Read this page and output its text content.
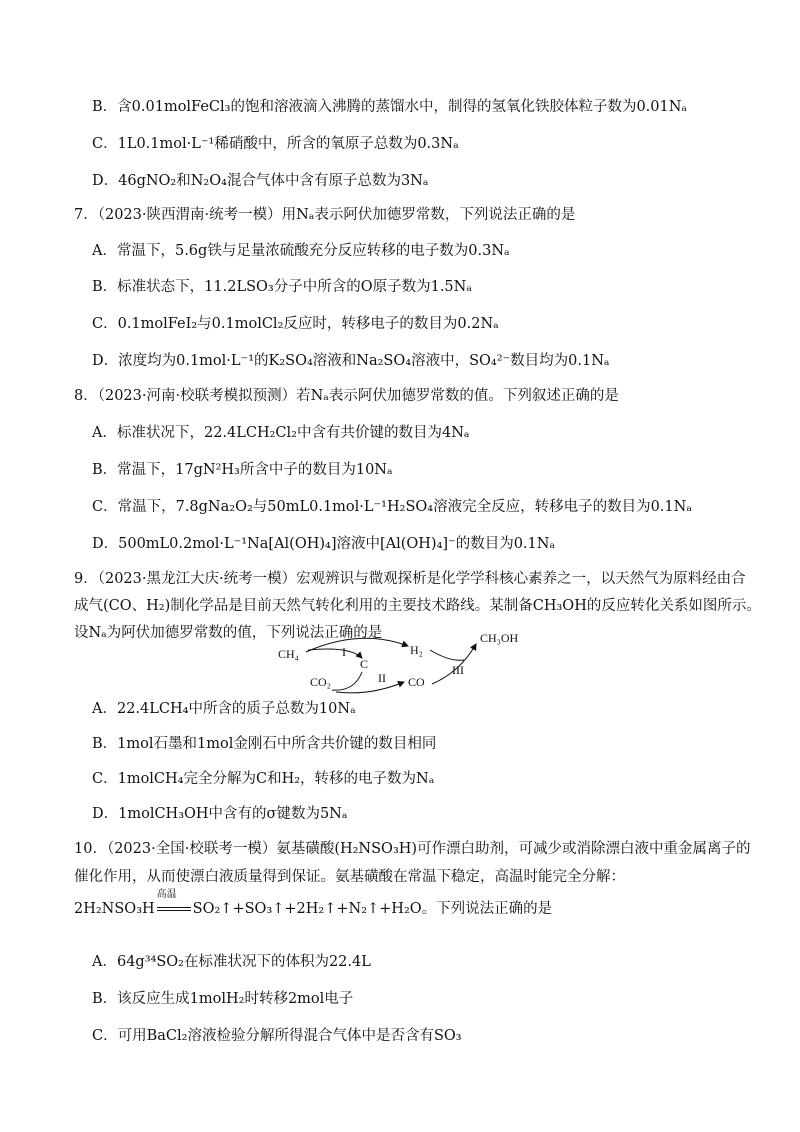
B．含0.01molFeCl₃的饱和溶液滴入沸腾的蒸馏水中，制得的氢氧化铁胶体粒子数为0.01Nₐ
C．1L0.1mol·L⁻¹稀硝酸中，所含的氧原子总数为0.3Nₐ
D．46gNO₂和N₂O₄混合气体中含有原子总数为3Nₐ
7．（2023·陕西渭南·统考一模）用Nₐ表示阿伏加德罗常数，下列说法正确的是
A．常温下，5.6g铁与足量浓硫酸充分反应转移的电子数为0.3Nₐ
B．标准状态下，11.2LSO₃分子中所含的O原子数为1.5Nₐ
C．0.1molFeI₂与0.1molCl₂反应时，转移电子的数目为0.2Nₐ
D．浓度均为0.1mol·L⁻¹的K₂SO₄溶液和Na₂SO₄溶液中，SO₄²⁻数目均为0.1Nₐ
8．（2023·河南·校联考模拟预测）若Nₐ表示阿伏加德罗常数的值。下列叙述正确的是
A．标准状况下，22.4LCH₂Cl₂中含有共价键的数目为4Nₐ
B．常温下，17gN²H₃所含中子的数目为10Nₐ
C．常温下，7.8gNa₂O₂与50mL0.1mol·L⁻¹H₂SO₄溶液完全反应，转移电子的数目为0.1Nₐ
D．500mL0.2mol·L⁻¹Na[Al(OH)₄]溶液中[Al(OH)₄]⁻的数目为0.1Nₐ
9．（2023·黑龙江大庆·统考一模）宏观辨识与微观探析是化学学科核心素养之一，以天然气为原料经由合
成气(CO、H₂)制化学品是目前天然气转化利用的主要技术路线。某制备CH₃OH的反应转化关系如图所示。
设Nₐ为阿伏加德罗常数的值，下列说法正确的是
CH₄
CO₂
C
H₂
CO
CH₃OH
I
II
III
A．22.4LCH₄中所含的质子总数为10Nₐ
B．1mol石墨和1mol金刚石中所含共价键的数目相同
C．1molCH₄完全分解为C和H₂，转移的电子数为Nₐ
D．1molCH₃OH中含有的σ键数为5Nₐ
10．（2023·全国·校联考一模）氨基磺酸(H₂NSO₃H)可作漂白助剂，可减少或消除漂白液中重金属离子的
催化作用，从而使漂白液质量得到保证。氨基磺酸在常温下稳定，高温时能完全分解：
2H₂NSO₃H
高温
SO₂↑+SO₃↑+2H₂↑+N₂↑+H₂O。下列说法正确的是
A．64g³⁴SO₂在标准状况下的体积为22.4L
B．该反应生成1molH₂时转移2mol电子
C．可用BaCl₂溶液检验分解所得混合气体中是否含有SO₃
